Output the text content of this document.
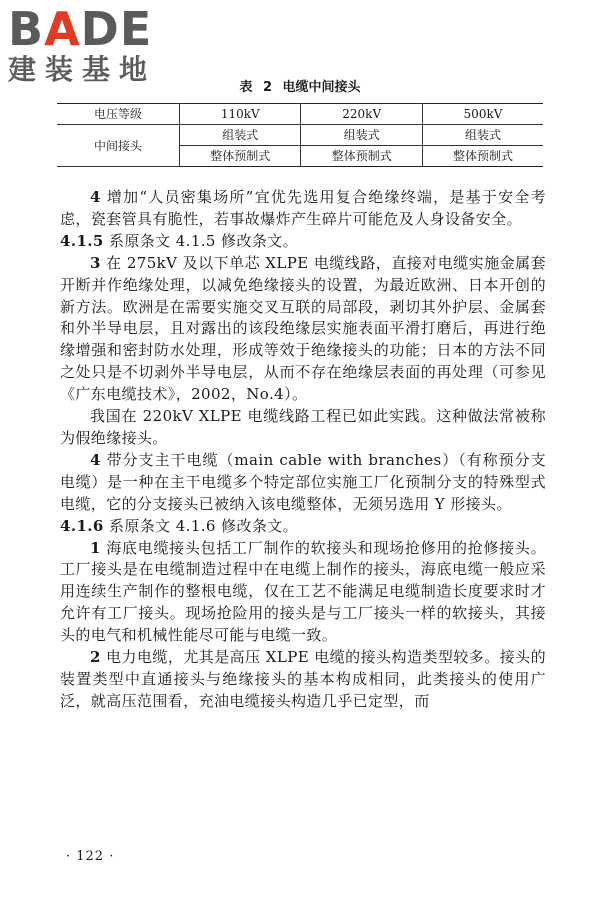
BADE
建装基地
表 2 电缆中间接头
电压等级	110kV	220kV	500kV
中间接头	组装式	组装式	组装式
	整体预制式	整体预制式	整体预制式

4 增加“人员密集场所”宜优先选用复合绝缘终端，是基于安全考虑，瓷套管具有脆性，若事故爆炸产生碎片可能危及人身设备安全。

4.1.5 系原条文 4.1.5 修改条文。

3 在 275kV 及以下单芯 XLPE 电缆线路，直接对电缆实施金属套开断并作绝缘处理，以减免绝缘接头的设置，为最近欧洲、日本开创的新方法。欧洲是在需要实施交叉互联的局部段，剥切其外护层、金属套和外半导电层，且对露出的该段绝缘层实施表面平滑打磨后，再进行绝缘增强和密封防水处理，形成等效于绝缘接头的功能；日本的方法不同之处只是不切剥外半导电层，从而不存在绝缘层表面的再处理（可参见《广东电缆技术》，2002，No.4）。

我国在 220kV XLPE 电缆线路工程已如此实践。这种做法常被称为假绝缘接头。

4 带分支主干电缆（main cable with branches）（有称预分支电缆）是一种在主干电缆多个特定部位实施工厂化预制分支的特殊型式电缆，它的分支接头已被纳入该电缆整体，无须另选用 Y 形接头。

4.1.6 系原条文 4.1.6 修改条文。

1 海底电缆接头包括工厂制作的软接头和现场抢修用的抢修接头。工厂接头是在电缆制造过程中在电缆上制作的接头，海底电缆一般应采用连续生产制作的整根电缆，仅在工艺不能满足电缆制造长度要求时才允许有工厂接头。现场抢险用的接头是与工厂接头一样的软接头，其接头的电气和机械性能尽可能与电缆一致。

2 电力电缆，尤其是高压 XLPE 电缆的接头构造类型较多。接头的装置类型中直通接头与绝缘接头的基本构成相同，此类接头的使用广泛，就高压范围看，充油电缆接头构造几乎已定型，而

· 122 ·
